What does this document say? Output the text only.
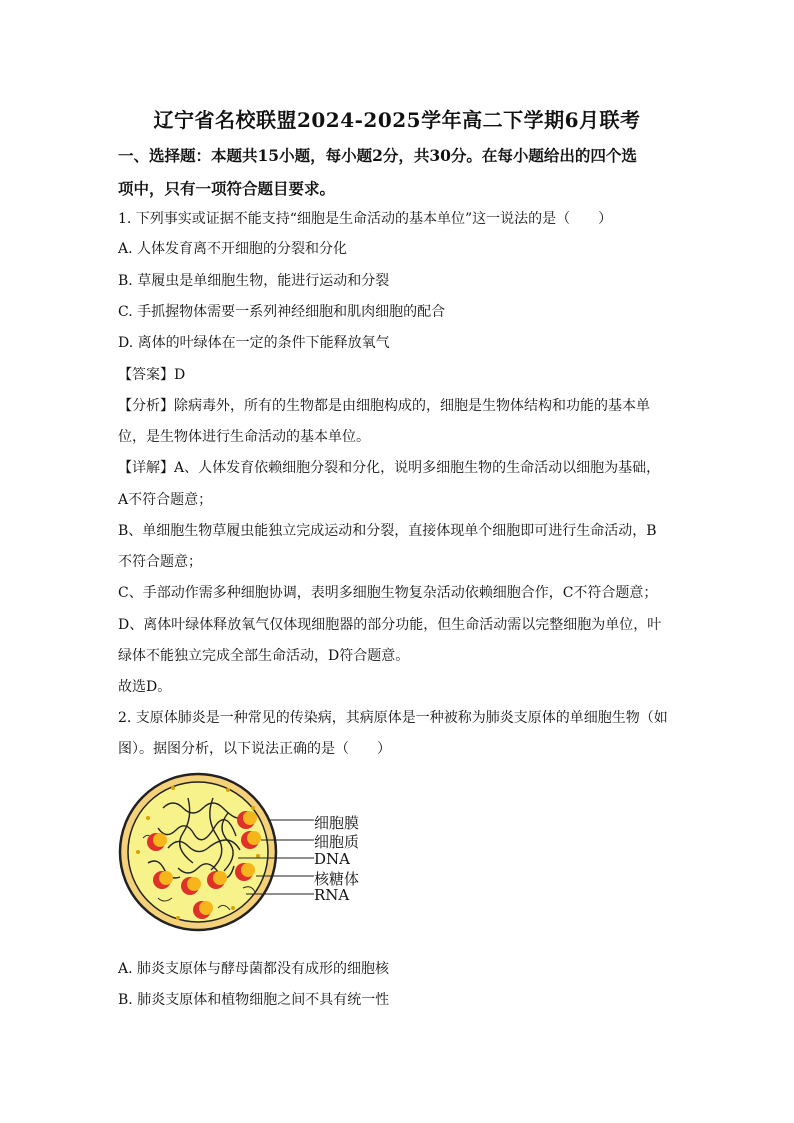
辽宁省名校联盟2024-2025学年高二下学期6月联考
一、选择题：本题共15小题，每小题2分，共30分。在每小题给出的四个选
项中，只有一项符合题目要求。
1. 下列事实或证据不能支持“细胞是生命活动的基本单位”这一说法的是（　　）
A. 人体发育离不开细胞的分裂和分化
B. 草履虫是单细胞生物，能进行运动和分裂
C. 手抓握物体需要一系列神经细胞和肌肉细胞的配合
D. 离体的叶绿体在一定的条件下能释放氧气
【答案】D
【分析】除病毒外，所有的生物都是由细胞构成的，细胞是生物体结构和功能的基本单
位，是生物体进行生命活动的基本单位。
【详解】A、人体发育依赖细胞分裂和分化，说明多细胞生物的生命活动以细胞为基础，
A不符合题意；
B、单细胞生物草履虫能独立完成运动和分裂，直接体现单个细胞即可进行生命活动，B
不符合题意；
C、手部动作需多种细胞协调，表明多细胞生物复杂活动依赖细胞合作，C不符合题意；
D、离体叶绿体释放氧气仅体现细胞器的部分功能，但生命活动需以完整细胞为单位，叶
绿体不能独立完成全部生命活动，D符合题意。
故选D。
2. 支原体肺炎是一种常见的传染病，其病原体是一种被称为肺炎支原体的单细胞生物（如
图）。据图分析，以下说法正确的是（　　）
细胞膜
细胞质
DNA
核糖体
RNA
A. 肺炎支原体与酵母菌都没有成形的细胞核
B. 肺炎支原体和植物细胞之间不具有统一性
